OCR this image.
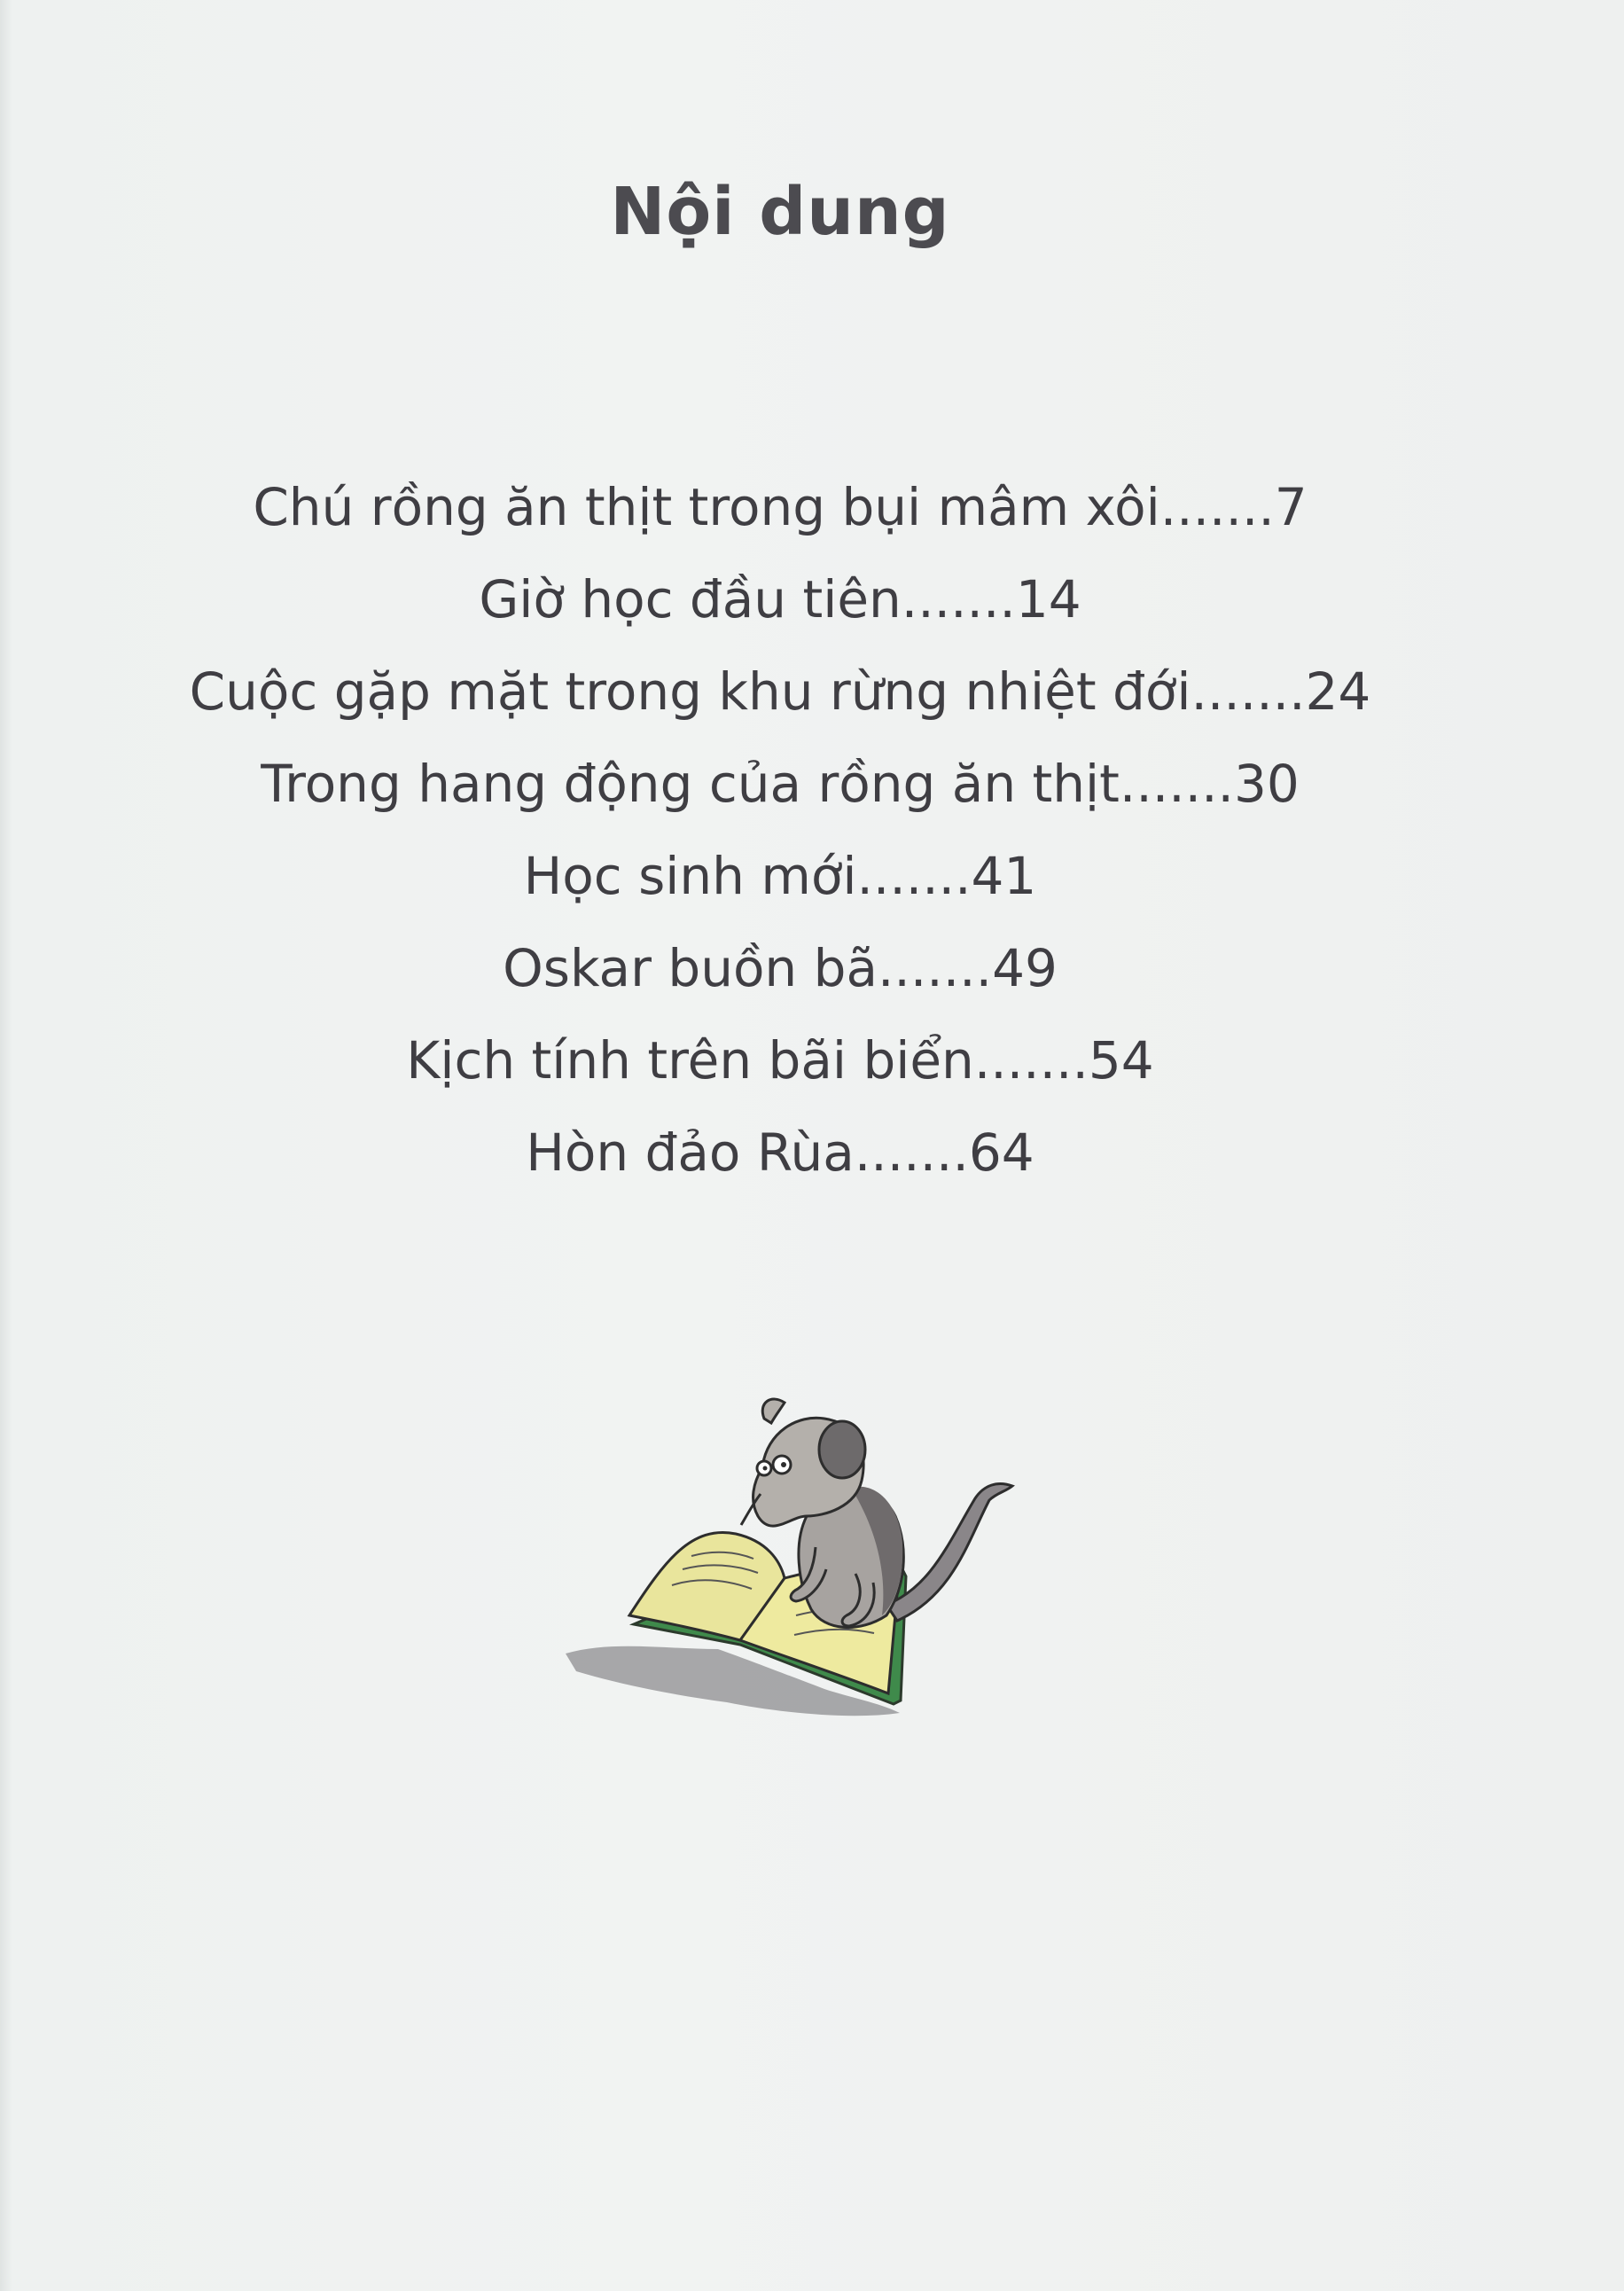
Nội dung
Chú rồng ăn thịt trong bụi mâm xôi.......7
Giờ học đầu tiên.......14
Cuộc gặp mặt trong khu rừng nhiệt đới.......24
Trong hang động của rồng ăn thịt.......30
Học sinh mới.......41
Oskar buồn bã.......49
Kịch tính trên bãi biển.......54
Hòn đảo Rùa.......64
